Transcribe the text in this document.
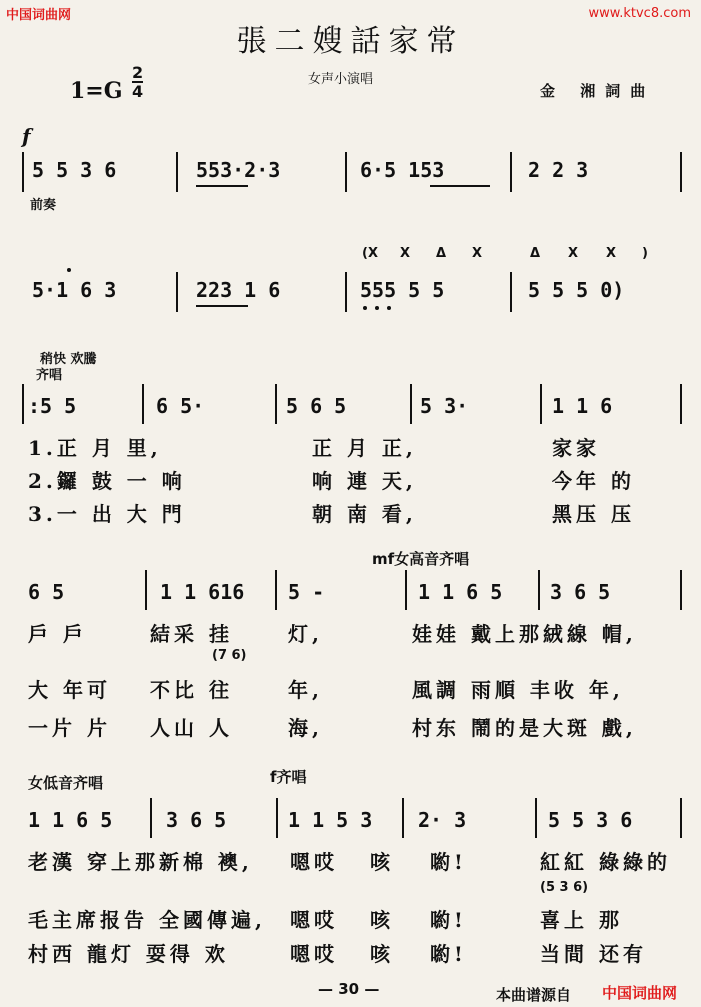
中国词曲网	www.ktvc8.com
張二嫂話家常
1=G
2
4
女声小演唱
金 湘詞曲
f
5 5 3 6	553·2·3	6·5 153	2 2 3
前奏
(X X Δ X	Δ X X )
5·1 6 3	223 1 6	555 5 5	5 5 5 0)
稍快 欢騰
齐唱
:5 5	6 5·	5 6 5	5 3·	1 1 6
1.正 月 里,	正 月 正,	家家
2.鑼 鼓 一 响	响 連 天,	今年 的
3.一 出 大 門	朝 南 看,	黑压 压
mf女高音齐唱
6 5	1 1 616 5 -	1 1 6 5 3 6 5
戶 戶	結采 挂	灯,	娃娃 戴上那絨線 帽,
(7 6)
大 年可 不比 往	年,	風調 雨順 丰收 年,
一片 片 人山 人	海,	村东 鬧的是大斑 戲,
女低音齐唱	f齐唱
1 1 6 5	3 6 5	1 1 5 3 2· 3	5 5 3 6
老漢 穿上那新棉 襖, 嗯哎 咳 喲!	紅紅 綠綠的
(5 3 6)
毛主席报告 全國傳遍, 嗯哎 咳 喲!	喜上 那
村西 龍灯 耍得 欢	嗯哎 咳 喲!	当間 还有
— 30 —	本曲谱源自 中国词曲网
